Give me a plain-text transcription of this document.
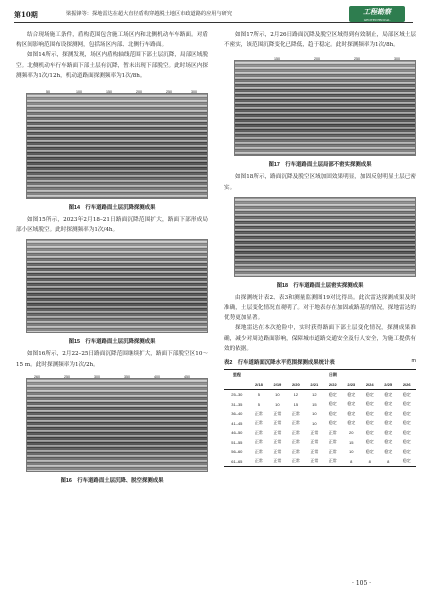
第10期	梁振锋等：探地雷达在超大直径盾构穿越脱土地区市政道路的应用与研究	工程勘察
GEOTECHNICAL

结合现场施工条件，盾构范围包含施工场区内和北侧机动车车路面。对盾构区间影响范围布设探测网，包括场区内部、北侧行车路面。

如图14所示，探测发现，场区内盾构轴线范围下部土层沉降，局部区域脱空。北侧机动车行车路面下部土层有沉降，暂未出现下部脱空。此时场区内探测频率为1次/12h，机动道路面探测频率为1次/8h。

50	100	150	200	250	300
图14　行车道路面土层沉降探测成果

如图15所示，2023年2月18–21日路面沉降范围扩大，路面下部形成局部小区域脱空。此时探测频率为1次/4h。

图15　行车道路面土层沉降探测成果

如图16所示，2月22–25日路面沉降范围继续扩大，路面下部脱空区10～15 m。此时探测频率为1次/2h。

260	250	300	350	400	450
图16　行车道路面土层沉降、脱空探测成果

如图17所示，2月26日路面沉降及脱空区域得到有效制止，局部区域土层不密实，该范围沉降变化已降低，趋于稳定。此时探测频率为1次/8h。

150	200	250	300
图17　行车道路面土层局部不密实探测成果

如图18所示，路面沉降及脱空区域加固效果明显，加固反射明显土层已密实。

图18　行车道路面土层密实探测成果

由探测统计表2、表3和测量监测图19对比得出。此次雷达探测成果及时准确，土层变化情况直观明了。对于地表存在加固或路基的情况，探地雷达的优势更加显著。

探地雷达在本次抢险中，实时获得路面下部土层变化情况，探测成果准确，减少对周边路面影响，保障城市道路交通安全及行人安全，为施工提供有效的依据。

表2　行车道路面沉降水平范围探测成果统计表	m
里程	日期								
	2/18	2/19	2/20	2/21	2/22	2/23	2/24	2/25	2/26
25–30	5	10	12	12	稳定	稳定	稳定	稳定	稳定
31–35	5	10	15	15	稳定	稳定	稳定	稳定	稳定
36–40	正常	正常	正常	10	稳定	稳定	稳定	稳定	稳定
41–45	正常	正常	正常	10	稳定	稳定	稳定	稳定	稳定
46–50	正常	正常	正常	正常	正常	20	稳定	稳定	稳定
51–55	正常	正常	正常	正常	正常	15	稳定	稳定	稳定
56–60	正常	正常	正常	正常	正常	10	稳定	稳定	稳定
61–65	正常	正常	正常	正常	正常	8	8	8	稳定
· 105 ·
